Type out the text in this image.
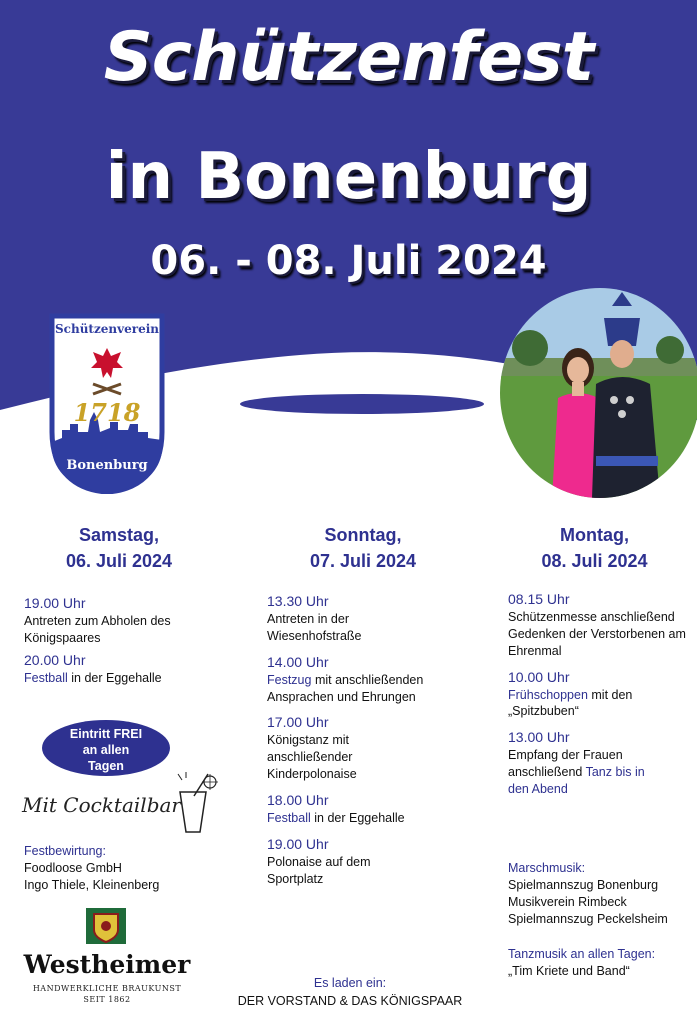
Schützenfest
in Bonenburg
06. - 08. Juli 2024
Schützenverein
1718
Bonenburg
Samstag,
06. Juli 2024
19.00 Uhr
Antreten zum Abholen des Königspaares
20.00 Uhr
Festball in der Eggehalle
Sonntag,
07. Juli 2024
13.30 Uhr
Antreten in der Wiesenhofstraße
14.00 Uhr
Festzug mit anschließenden Ansprachen und Ehrungen
17.00 Uhr
Königstanz mit anschließender Kinderpolonaise
18.00 Uhr
Festball in der Eggehalle
19.00 Uhr
Polonaise auf dem Sportplatz
Montag,
08. Juli 2024
08.15 Uhr
Schützenmesse anschließend Gedenken der Verstorbenen am Ehrenmal
10.00 Uhr
Frühschoppen mit den „Spitzbuben“
13.00 Uhr
Empfang der Frauen anschließend Tanz bis in den Abend
Eintritt FREI
an allen
Tagen
Mit Cocktailbar
Festbewirtung:
Foodloose GmbH
Ingo Thiele, Kleinenberg
Westheimer
HANDWERKLICHE BRAUKUNST
SEIT 1862
Marschmusik:
Spielmannszug Bonenburg
Musikverein Rimbeck
Spielmannszug Peckelsheim
Tanzmusik an allen Tagen:
„Tim Kriete und Band“
Es laden ein:
DER VORSTAND & DAS KÖNIGSPAAR
